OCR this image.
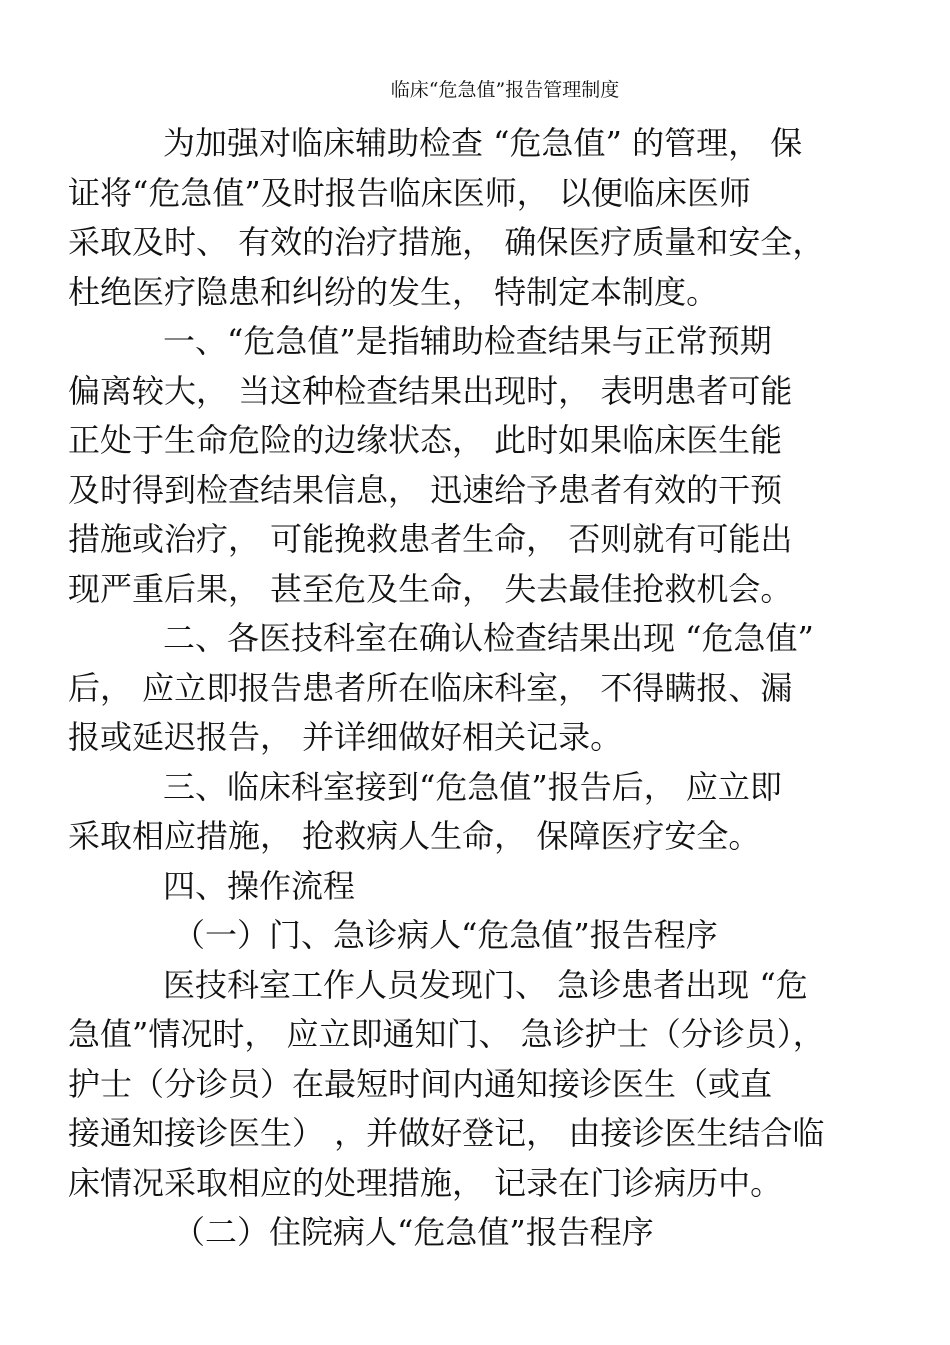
临床“危急值”报告管理制度
为加强对临床辅助检查 “危急值” 的管理， 保
证将“危急值”及时报告临床医师， 以便临床医师
采取及时、 有效的治疗措施， 确保医疗质量和安全，
杜绝医疗隐患和纠纷的发生， 特制定本制度。
一、“危急值”是指辅助检查结果与正常预期
偏离较大， 当这种检查结果出现时， 表明患者可能
正处于生命危险的边缘状态， 此时如果临床医生能
及时得到检查结果信息， 迅速给予患者有效的干预
措施或治疗， 可能挽救患者生命， 否则就有可能出
现严重后果， 甚至危及生命， 失去最佳抢救机会。
二、各医技科室在确认检查结果出现 “危急值”
后， 应立即报告患者所在临床科室， 不得瞒报、漏
报或延迟报告， 并详细做好相关记录。
三、临床科室接到“危急值”报告后， 应立即
采取相应措施， 抢救病人生命， 保障医疗安全。
四、操作流程
（一）门、急诊病人“危急值”报告程序
医技科室工作人员发现门、 急诊患者出现 “危
急值”情况时， 应立即通知门、 急诊护士（分诊员），
护士（分诊员）在最短时间内通知接诊医生（或直
接通知接诊医生） ，并做好登记， 由接诊医生结合临
床情况采取相应的处理措施， 记录在门诊病历中。
（二）住院病人“危急值”报告程序
